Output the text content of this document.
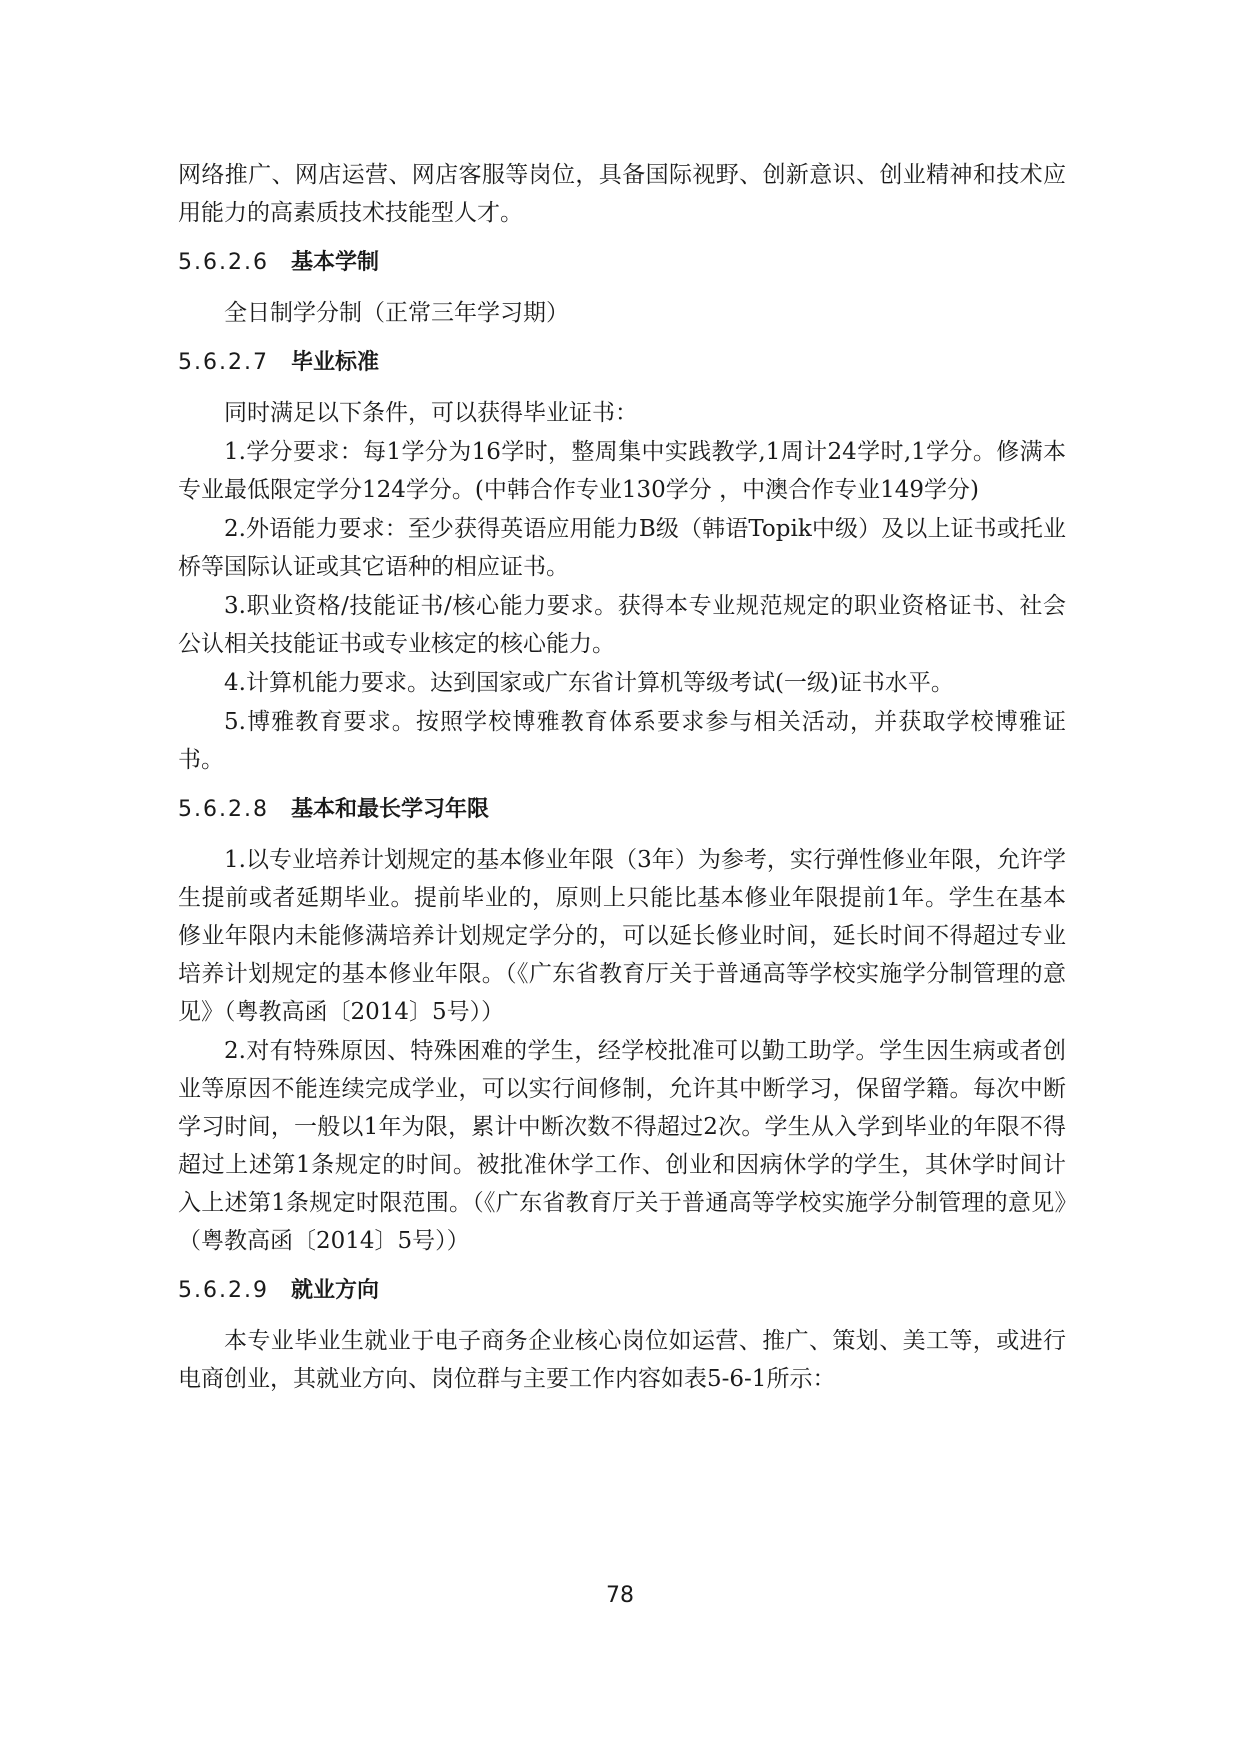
网络推广、网店运营、网店客服等岗位，具备国际视野、创新意识、创业精神和技术应用能力的高素质技术技能型人才。

5.6.2.6 基本学制

全日制学分制（正常三年学习期）

5.6.2.7 毕业标准

同时满足以下条件，可以获得毕业证书：

1.学分要求：每1学分为16学时，整周集中实践教学,1周计24学时,1学分。修满本专业最低限定学分124学分。(中韩合作专业130学分 ，中澳合作专业149学分)

2.外语能力要求：至少获得英语应用能力B级（韩语Topik中级）及以上证书或托业桥等国际认证或其它语种的相应证书。

3.职业资格/技能证书/核心能力要求。获得本专业规范规定的职业资格证书、社会公认相关技能证书或专业核定的核心能力。

4.计算机能力要求。达到国家或广东省计算机等级考试(一级)证书水平。

5.博雅教育要求。按照学校博雅教育体系要求参与相关活动，并获取学校博雅证书。

5.6.2.8 基本和最长学习年限

1.以专业培养计划规定的基本修业年限（3年）为参考，实行弹性修业年限，允许学生提前或者延期毕业。提前毕业的，原则上只能比基本修业年限提前1年。学生在基本修业年限内未能修满培养计划规定学分的，可以延长修业时间，延长时间不得超过专业培养计划规定的基本修业年限。（《广东省教育厅关于普通高等学校实施学分制管理的意见》（粤教高函〔2014〕5号））

2.对有特殊原因、特殊困难的学生，经学校批准可以勤工助学。学生因生病或者创业等原因不能连续完成学业，可以实行间修制，允许其中断学习，保留学籍。每次中断学习时间，一般以1年为限，累计中断次数不得超过2次。学生从入学到毕业的年限不得超过上述第1条规定的时间。被批准休学工作、创业和因病休学的学生，其休学时间计入上述第1条规定时限范围。（《广东省教育厅关于普通高等学校实施学分制管理的意见》（粤教高函〔2014〕5号））

5.6.2.9 就业方向

本专业毕业生就业于电子商务企业核心岗位如运营、推广、策划、美工等，或进行电商创业，其就业方向、岗位群与主要工作内容如表5-6-1所示：

78
